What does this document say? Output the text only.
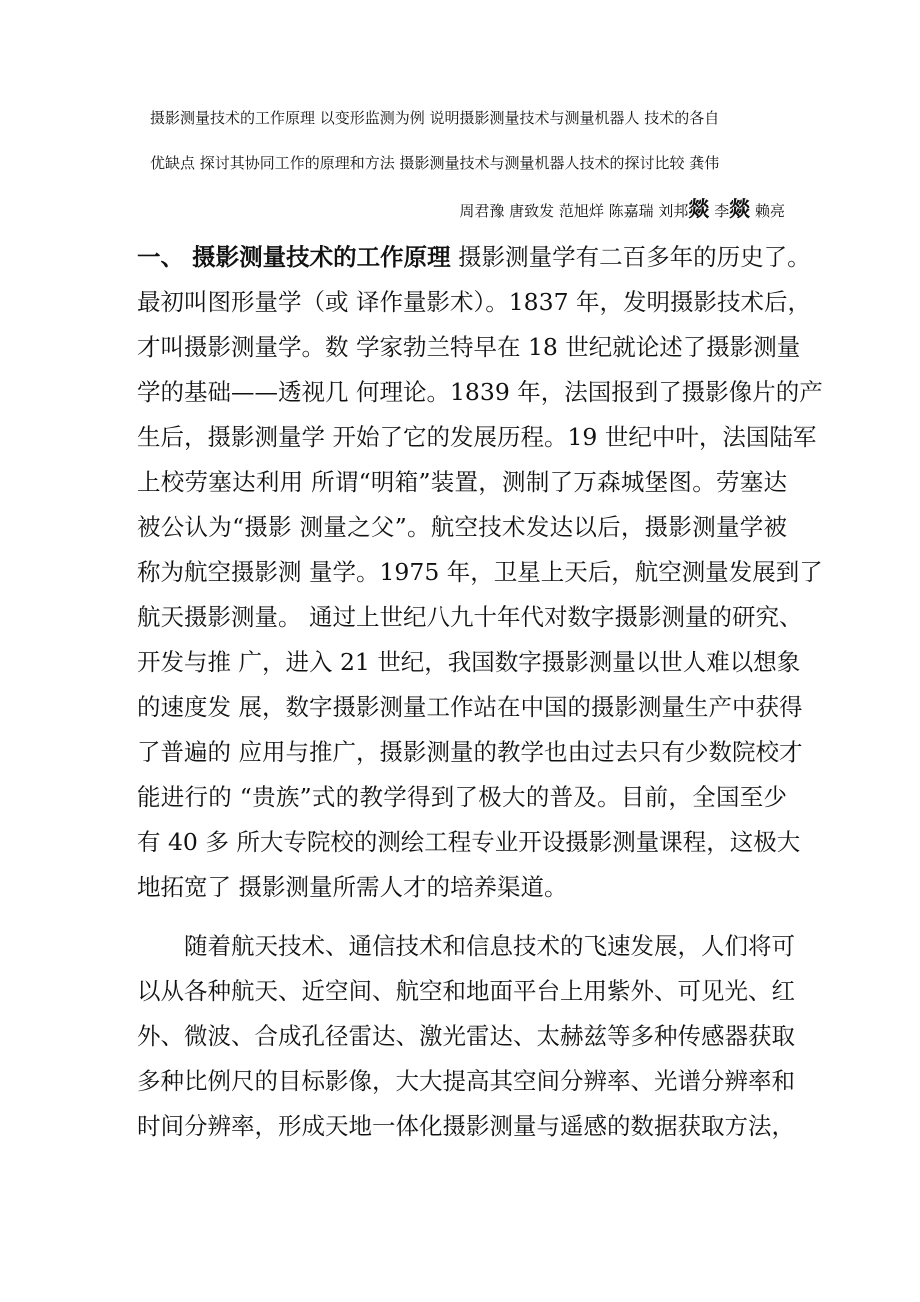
摄影测量技术的工作原理 以变形监测为例 说明摄影测量技术与测量机器人 技术的各自
优缺点 探讨其协同工作的原理和方法 摄影测量技术与测量机器人技术的探讨比较 龚伟
周君豫 唐致发 范旭烊 陈嘉瑞 刘邦燚 李燚 赖亮
一、 摄影测量技术的工作原理 摄影测量学有二百多年的历史了。
最初叫图形量学（或 译作量影术）。1837 年，发明摄影技术后，
才叫摄影测量学。数 学家勃兰特早在 18 世纪就论述了摄影测量
学的基础——透视几 何理论。1839 年，法国报到了摄影像片的产
生后，摄影测量学 开始了它的发展历程。19 世纪中叶，法国陆军
上校劳塞达利用 所谓“明箱”装置，测制了万森城堡图。劳塞达
被公认为“摄影 测量之父”。航空技术发达以后，摄影测量学被
称为航空摄影测 量学。1975 年，卫星上天后，航空测量发展到了
航天摄影测量。 通过上世纪八九十年代对数字摄影测量的研究、
开发与推 广，进入 21 世纪，我国数字摄影测量以世人难以想象
的速度发 展，数字摄影测量工作站在中国的摄影测量生产中获得
了普遍的 应用与推广，摄影测量的教学也由过去只有少数院校才
能进行的 “贵族”式的教学得到了极大的普及。目前，全国至少
有 40 多 所大专院校的测绘工程专业开设摄影测量课程，这极大
地拓宽了 摄影测量所需人才的培养渠道。
　　随着航天技术、通信技术和信息技术的飞速发展，人们将可
以从各种航天、近空间、航空和地面平台上用紫外、可见光、红
外、微波、合成孔径雷达、激光雷达、太赫兹等多种传感器获取
多种比例尺的目标影像，大大提高其空间分辨率、光谱分辨率和
时间分辨率，形成天地一体化摄影测量与遥感的数据获取方法，
